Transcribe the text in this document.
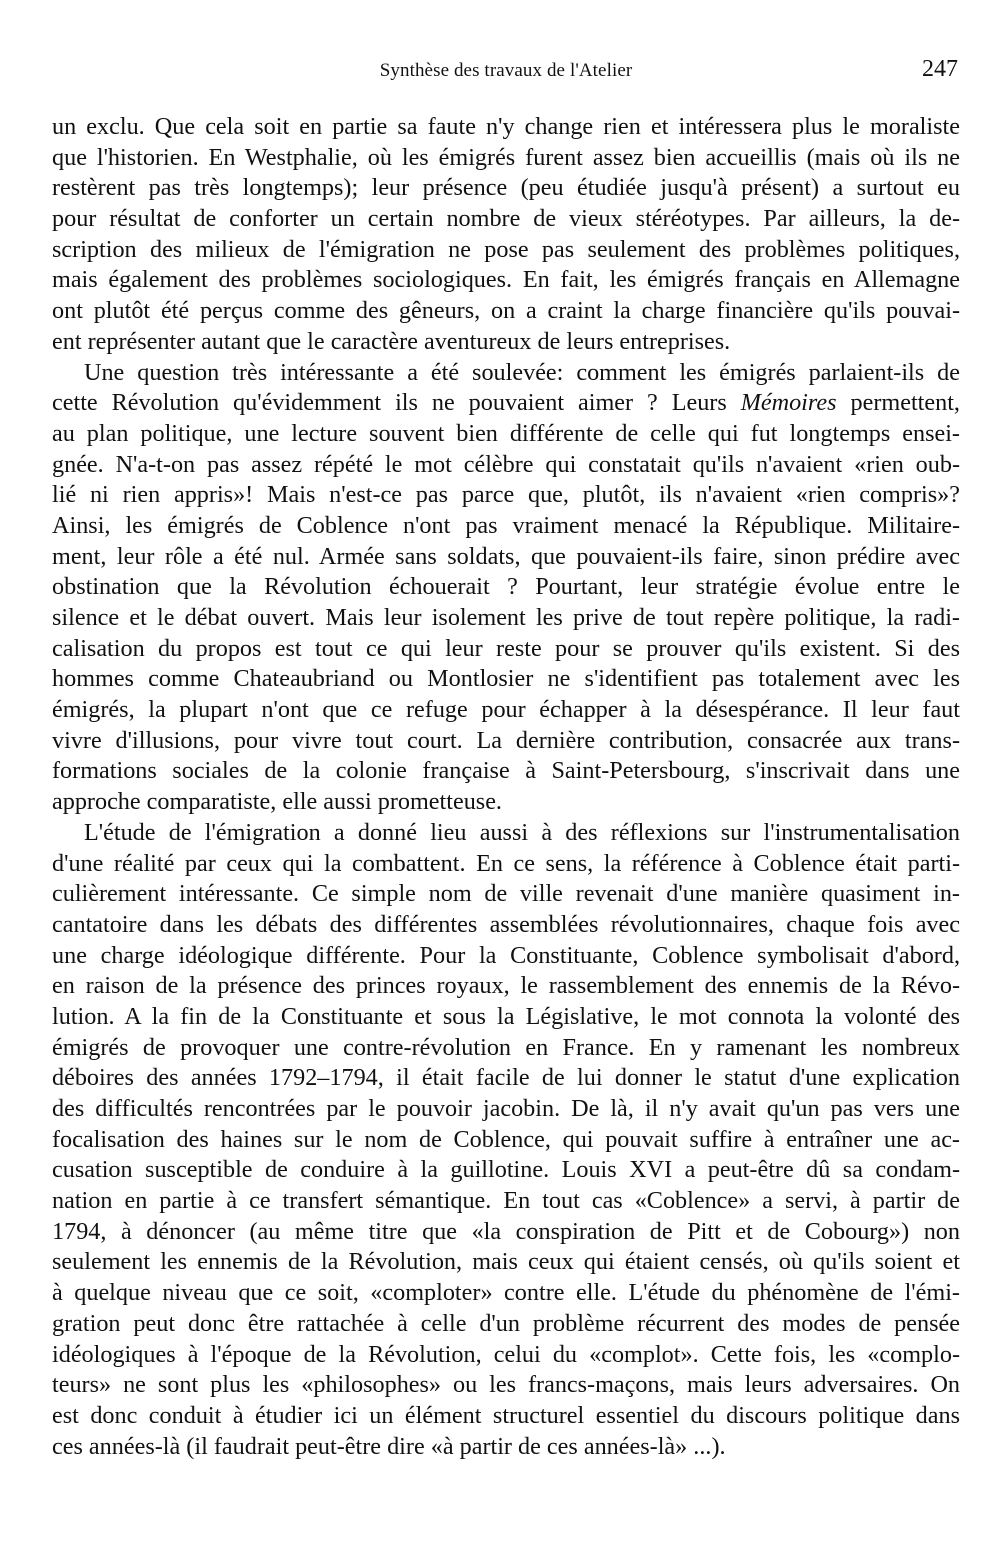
Synthèse des travaux de l'Atelier	247

un exclu. Que cela soit en partie sa faute n'y change rien et intéressera plus le moraliste
que l'historien. En Westphalie, où les émigrés furent assez bien accueillis (mais où ils ne
restèrent pas très longtemps); leur présence (peu étudiée jusqu'à présent) a surtout eu
pour résultat de conforter un certain nombre de vieux stéréotypes. Par ailleurs, la de-
scription des milieux de l'émigration ne pose pas seulement des problèmes politiques,
mais également des problèmes sociologiques. En fait, les émigrés français en Allemagne
ont plutôt été perçus comme des gêneurs, on a craint la charge financière qu'ils pouvai-
ent représenter autant que le caractère aventureux de leurs entreprises.

Une question très intéressante a été soulevée: comment les émigrés parlaient-ils de
cette Révolution qu'évidemment ils ne pouvaient aimer ? Leurs Mémoires permettent,
au plan politique, une lecture souvent bien différente de celle qui fut longtemps ensei-
gnée. N'a-t-on pas assez répété le mot célèbre qui constatait qu'ils n'avaient «rien oub-
lié ni rien appris»! Mais n'est-ce pas parce que, plutôt, ils n'avaient «rien compris»?
Ainsi, les émigrés de Coblence n'ont pas vraiment menacé la République. Militaire-
ment, leur rôle a été nul. Armée sans soldats, que pouvaient-ils faire, sinon prédire avec
obstination que la Révolution échouerait ? Pourtant, leur stratégie évolue entre le
silence et le débat ouvert. Mais leur isolement les prive de tout repère politique, la radi-
calisation du propos est tout ce qui leur reste pour se prouver qu'ils existent. Si des
hommes comme Chateaubriand ou Montlosier ne s'identifient pas totalement avec les
émigrés, la plupart n'ont que ce refuge pour échapper à la désespérance. Il leur faut
vivre d'illusions, pour vivre tout court. La dernière contribution, consacrée aux trans-
formations sociales de la colonie française à Saint-Petersbourg, s'inscrivait dans une
approche comparatiste, elle aussi prometteuse.

L'étude de l'émigration a donné lieu aussi à des réflexions sur l'instrumentalisation
d'une réalité par ceux qui la combattent. En ce sens, la référence à Coblence était parti-
culièrement intéressante. Ce simple nom de ville revenait d'une manière quasiment in-
cantatoire dans les débats des différentes assemblées révolutionnaires, chaque fois avec
une charge idéologique différente. Pour la Constituante, Coblence symbolisait d'abord,
en raison de la présence des princes royaux, le rassemblement des ennemis de la Révo-
lution. A la fin de la Constituante et sous la Législative, le mot connota la volonté des
émigrés de provoquer une contre-révolution en France. En y ramenant les nombreux
déboires des années 1792–1794, il était facile de lui donner le statut d'une explication
des difficultés rencontrées par le pouvoir jacobin. De là, il n'y avait qu'un pas vers une
focalisation des haines sur le nom de Coblence, qui pouvait suffire à entraîner une ac-
cusation susceptible de conduire à la guillotine. Louis XVI a peut-être dû sa condam-
nation en partie à ce transfert sémantique. En tout cas «Coblence» a servi, à partir de
1794, à dénoncer (au même titre que «la conspiration de Pitt et de Cobourg») non
seulement les ennemis de la Révolution, mais ceux qui étaient censés, où qu'ils soient et
à quelque niveau que ce soit, «comploter» contre elle. L'étude du phénomène de l'émi-
gration peut donc être rattachée à celle d'un problème récurrent des modes de pensée
idéologiques à l'époque de la Révolution, celui du «complot». Cette fois, les «complo-
teurs» ne sont plus les «philosophes» ou les francs-maçons, mais leurs adversaires. On
est donc conduit à étudier ici un élément structurel essentiel du discours politique dans
ces années-là (il faudrait peut-être dire «à partir de ces années-là» ...).
